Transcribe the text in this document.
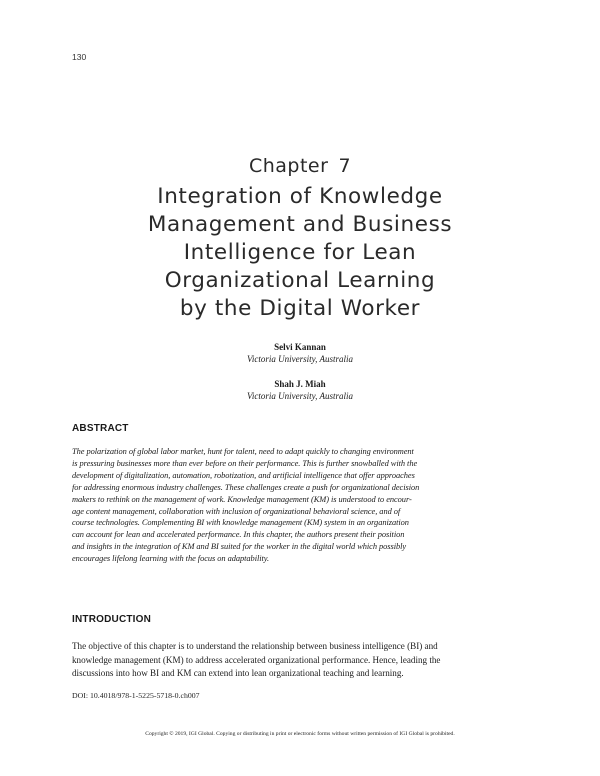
130
Chapter 7
Integration of Knowledge
Management and Business
Intelligence for Lean
Organizational Learning
by the Digital Worker
Selvi Kannan
Victoria University, Australia
Shah J. Miah
Victoria University, Australia
ABSTRACT
The polarization of global labor market, hunt for talent, need to adapt quickly to changing environment
is pressuring businesses more than ever before on their performance. This is further snowballed with the
development of digitalization, automation, robotization, and artificial intelligence that offer approaches
for addressing enormous industry challenges. These challenges create a push for organizational decision
makers to rethink on the management of work. Knowledge management (KM) is understood to encour-
age content management, collaboration with inclusion of organizational behavioral science, and of
course technologies. Complementing BI with knowledge management (KM) system in an organization
can account for lean and accelerated performance. In this chapter, the authors present their position
and insights in the integration of KM and BI suited for the worker in the digital world which possibly
encourages lifelong learning with the focus on adaptability.
INTRODUCTION
The objective of this chapter is to understand the relationship between business intelligence (BI) and
knowledge management (KM) to address accelerated organizational performance. Hence, leading the
discussions into how BI and KM can extend into lean organizational teaching and learning.
DOI: 10.4018/978-1-5225-5718-0.ch007
Copyright © 2019, IGI Global. Copying or distributing in print or electronic forms without written permission of IGI Global is prohibited.
